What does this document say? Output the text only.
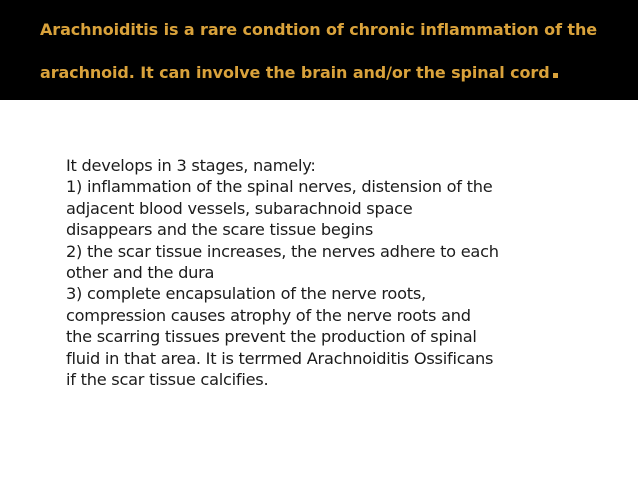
Arachnoiditis is a rare condtion of chronic inflammation of the
arachnoid. It can involve the brain and/or the spinal cord
It develops in 3 stages, namely:
1) inflammation of the spinal nerves, distension of the
adjacent blood vessels, subarachnoid space
disappears and the scare tissue begins
2) the scar tissue increases, the nerves adhere to each
other and the dura
3) complete encapsulation of the nerve roots,
compression causes atrophy of the nerve roots and
the scarring tissues prevent the production of spinal
fluid in that area. It is terrmed Arachnoiditis Ossificans
if the scar tissue calcifies.
